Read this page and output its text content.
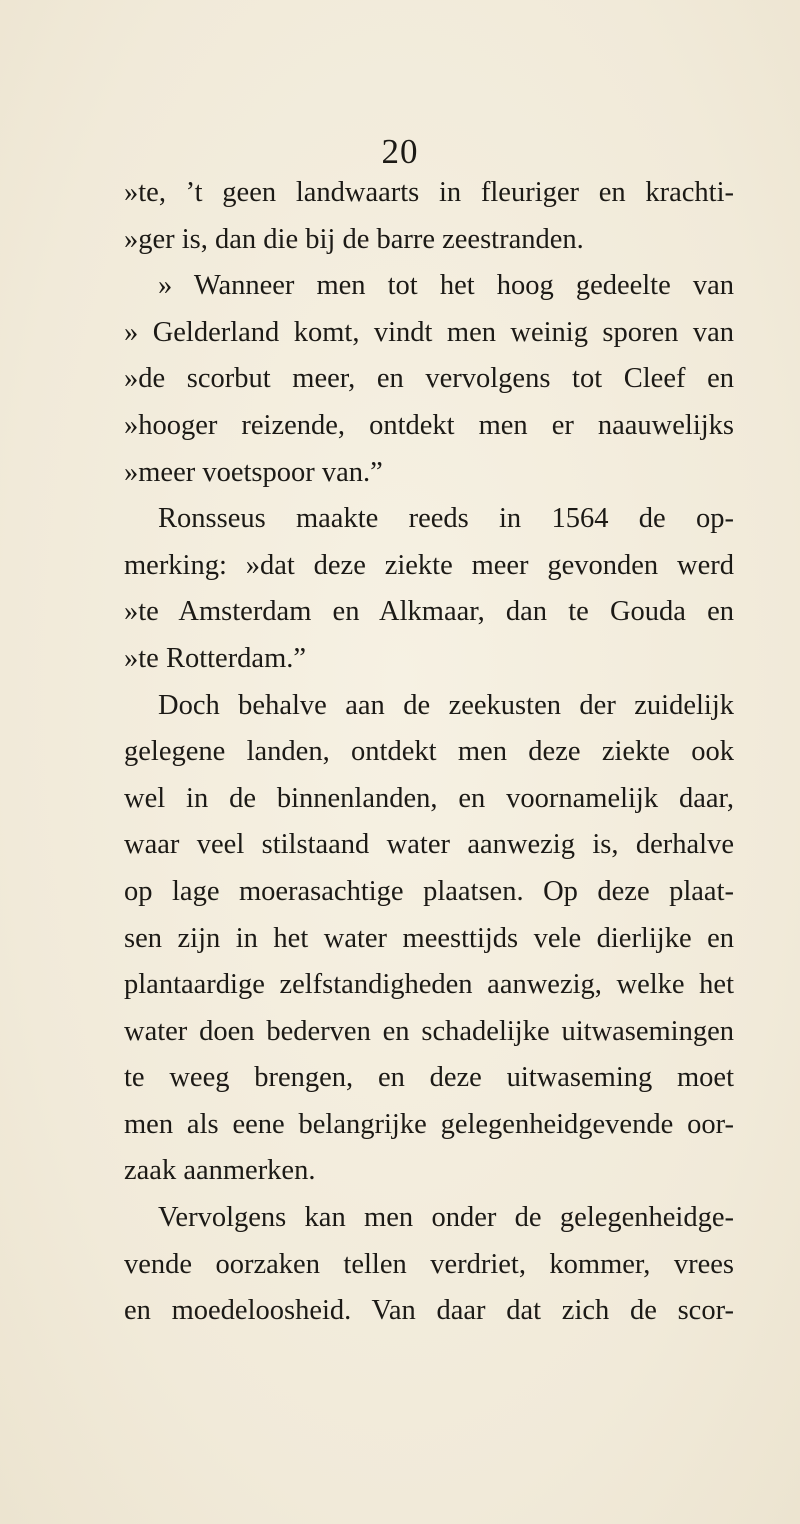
20
»te, ’t geen landwaarts in fleuriger en krachti-
»ger is, dan die bij de barre zeestranden.
» Wanneer men tot het hoog gedeelte van
» Gelderland komt, vindt men weinig sporen van
»de scorbut meer, en vervolgens tot Cleef en
»hooger reizende, ontdekt men er naauwelijks
»meer voetspoor van.”
Ronsseus maakte reeds in 1564 de op-
merking: »dat deze ziekte meer gevonden werd
»te Amsterdam en Alkmaar, dan te Gouda en
»te Rotterdam.”
Doch behalve aan de zeekusten der zuidelijk
gelegene landen, ontdekt men deze ziekte ook
wel in de binnenlanden, en voornamelijk daar,
waar veel stilstaand water aanwezig is, derhalve
op lage moerasachtige plaatsen. Op deze plaat-
sen zijn in het water meesttijds vele dierlijke en
plantaardige zelfstandigheden aanwezig, welke het
water doen bederven en schadelijke uitwasemingen
te weeg brengen, en deze uitwaseming moet
men als eene belangrijke gelegenheidgevende oor-
zaak aanmerken.
Vervolgens kan men onder de gelegenheidge-
vende oorzaken tellen verdriet, kommer, vrees
en moedeloosheid. Van daar dat zich de scor-
